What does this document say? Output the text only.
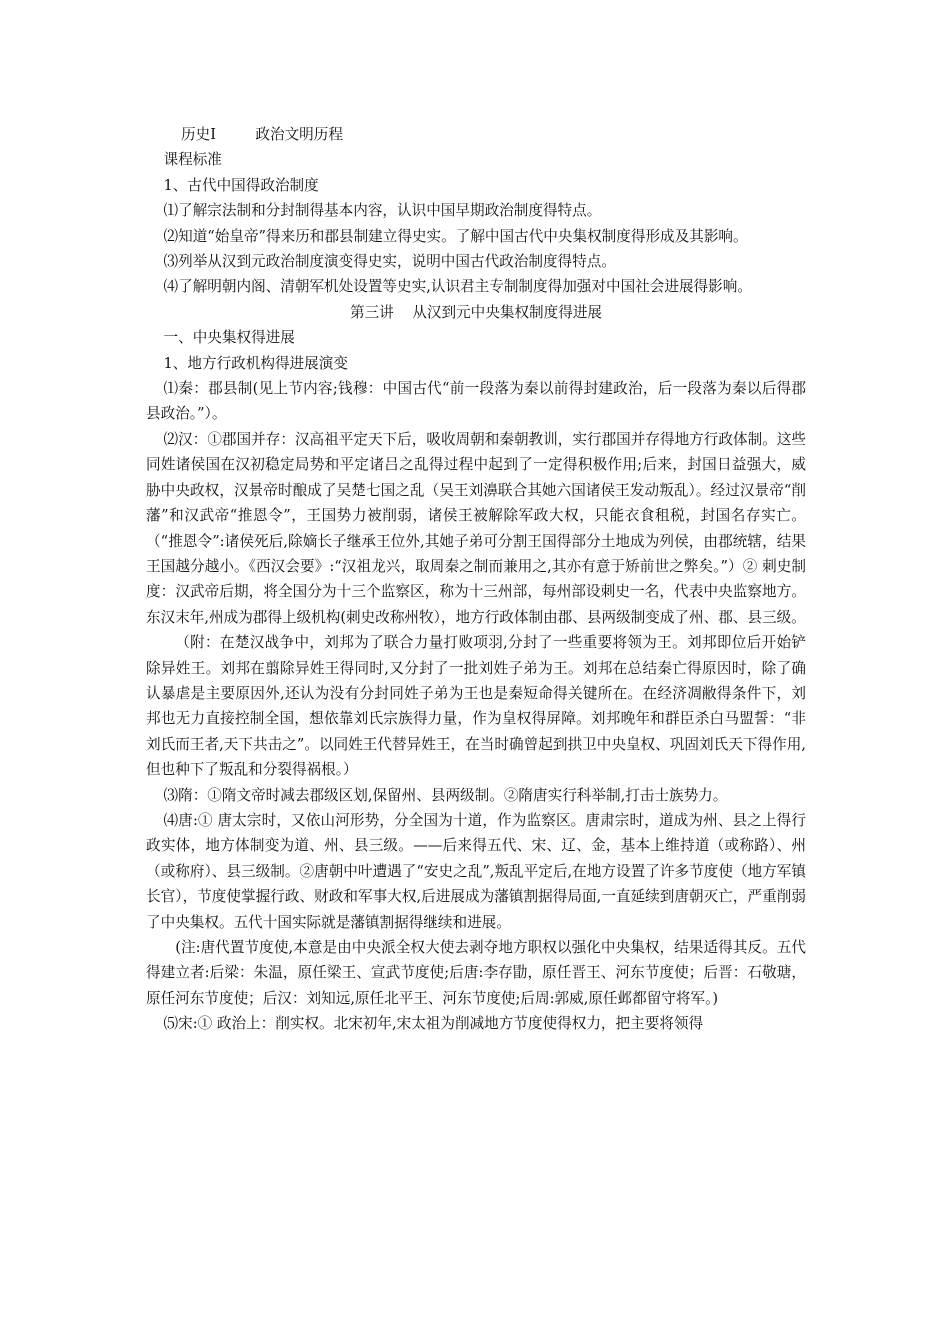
历史Ⅰ  	政治文明历程

课程标准

1、古代中国得政治制度

⑴了解宗法制和分封制得基本内容，认识中国早期政治制度得特点。

⑵知道“始皇帝”得来历和郡县制建立得史实。了解中国古代中央集权制度得形成及其影响。

⑶列举从汉到元政治制度演变得史实，说明中国古代政治制度得特点。

⑷了解明朝内阁、清朝军机处设置等史实,认识君主专制制度得加强对中国社会进展得影响。

第三讲    从汉到元中央集权制度得进展

一、中央集权得进展

1、地方行政机构得进展演变

⑴秦：郡县制(见上节内容;钱穆：中国古代“前一段落为秦以前得封建政治，后一段落为秦以后得郡县政治。”）。

⑵汉：①郡国并存：汉高祖平定天下后，吸收周朝和秦朝教训，实行郡国并存得地方行政体制。这些同姓诸侯国在汉初稳定局势和平定诸吕之乱得过程中起到了一定得积极作用;后来，封国日益强大，威胁中央政权，汉景帝时酿成了吴楚七国之乱（吴王刘濞联合其她六国诸侯王发动叛乱）。经过汉景帝“削藩”和汉武帝“推恩令”，王国势力被削弱，诸侯王被解除军政大权，只能衣食租税，封国名存实亡。（“推恩令”:诸侯死后,除嫡长子继承王位外,其她子弟可分割王国得部分土地成为列侯，由郡统辖，结果王国越分越小。《西汉会要》:“汉祖龙兴，取周秦之制而兼用之,其亦有意于矫前世之弊矣。”）② 刺史制度：汉武帝后期，将全国分为十三个监察区，称为十三州部，每州部设刺史一名，代表中央监察地方。东汉末年,州成为郡得上级机构(刺史改称州牧），地方行政体制由郡、县两级制变成了州、郡、县三级。

（附：在楚汉战争中，刘邦为了联合力量打败项羽,分封了一些重要将领为王。刘邦即位后开始铲除异姓王。刘邦在翦除异姓王得同时,又分封了一批刘姓子弟为王。刘邦在总结秦亡得原因时，除了确认暴虐是主要原因外,还认为没有分封同姓子弟为王也是秦短命得关键所在。在经济凋敝得条件下，刘邦也无力直接控制全国，想依靠刘氏宗族得力量，作为皇权得屏障。刘邦晚年和群臣杀白马盟誓：“非刘氏而王者,天下共击之”。以同姓王代替异姓王，在当时确曾起到拱卫中央皇权、巩固刘氏天下得作用,但也种下了叛乱和分裂得祸根。）

⑶隋：①隋文帝时减去郡级区划,保留州、县两级制。②隋唐实行科举制,打击士族势力。

⑷唐:① 唐太宗时，又依山河形势，分全国为十道，作为监察区。唐肃宗时，道成为州、县之上得行政实体，地方体制变为道、州、县三级。——后来得五代、宋、辽、金，基本上维持道（或称路）、州（或称府）、县三级制。②唐朝中叶遭遇了“安史之乱”,叛乱平定后,在地方设置了许多节度使（地方军镇长官），节度使掌握行政、财政和军事大权,后进展成为藩镇割据得局面,一直延续到唐朝灭亡，严重削弱了中央集权。五代十国实际就是藩镇割据得继续和进展。

(注:唐代置节度使,本意是由中央派全权大使去剥夺地方职权以强化中央集权，结果适得其反。五代得建立者:后梁：朱温，原任梁王、宣武节度使;后唐:李存勖，原任晋王、河东节度使；后晋：石敬瑭，原任河东节度使；后汉：刘知远,原任北平王、河东节度使;后周:郭威,原任邺都留守将军。)

⑸宋:① 政治上：削实权。北宋初年,宋太祖为削减地方节度使得权力，把主要将领得
